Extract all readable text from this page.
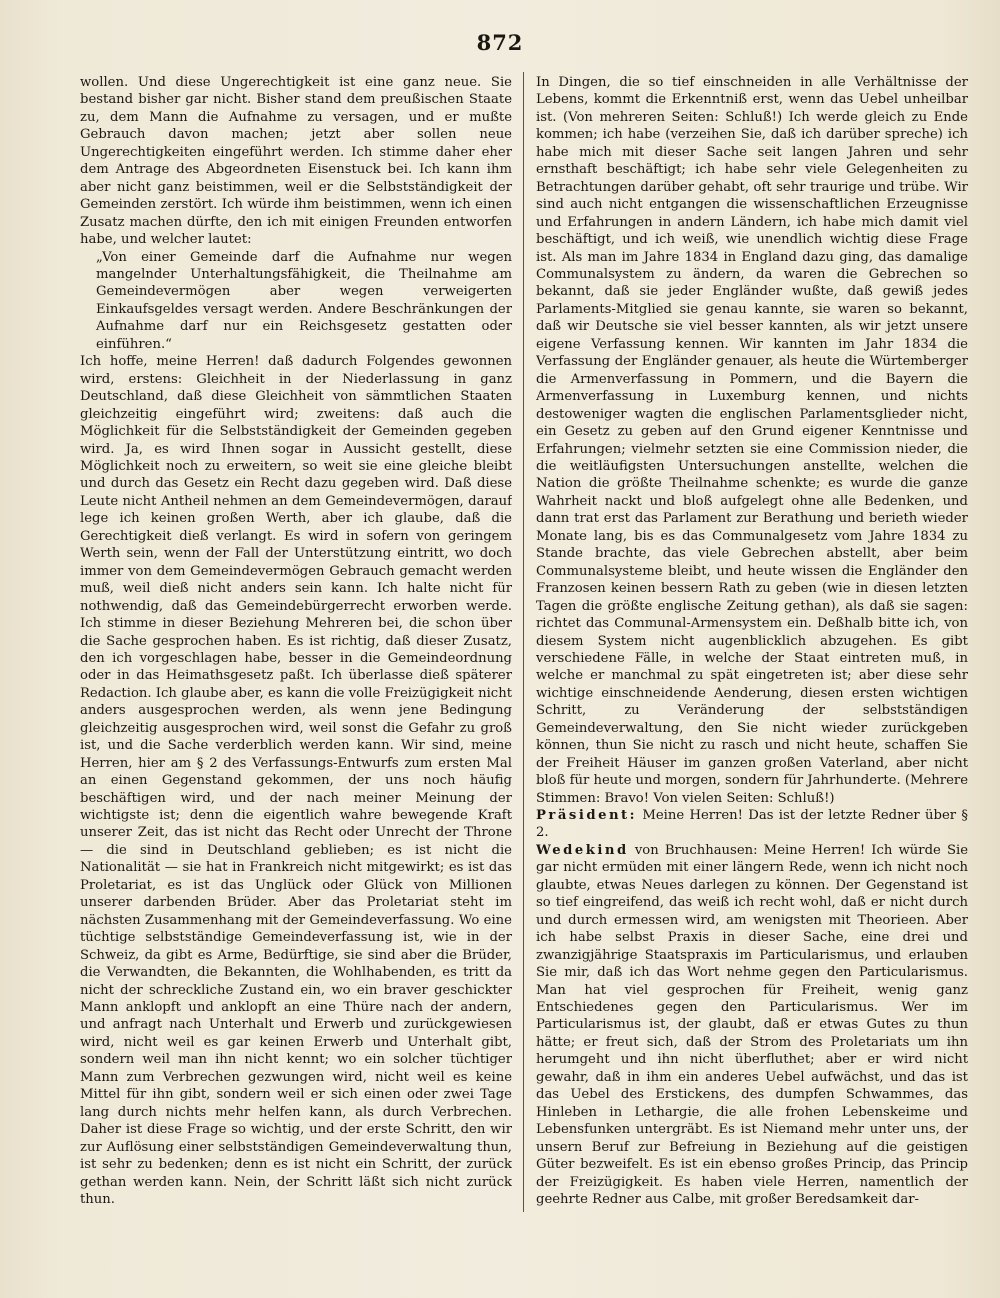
872

wollen. Und diese Ungerechtigkeit ist eine ganz neue. Sie bestand bisher gar nicht. Bisher stand dem preußischen Staate zu, dem Mann die Aufnahme zu versagen, und er mußte Gebrauch davon machen; jetzt aber sollen neue Ungerechtigkeiten eingeführt werden. Ich stimme daher eher dem Antrage des Abgeordneten Eisenstuck bei. Ich kann ihm aber nicht ganz beistimmen, weil er die Selbstständigkeit der Gemeinden zerstört. Ich würde ihm beistimmen, wenn ich einen Zusatz machen dürfte, den ich mit einigen Freunden entworfen habe, und welcher lautet:

„Von einer Gemeinde darf die Aufnahme nur wegen mangelnder Unterhaltungsfähigkeit, die Theilnahme am Gemeindevermögen aber wegen verweigerten Einkaufsgeldes versagt werden. Andere Beschränkungen der Aufnahme darf nur ein Reichsgesetz gestatten oder einführen.“

Ich hoffe, meine Herren! daß dadurch Folgendes gewonnen wird, erstens: Gleichheit in der Niederlassung in ganz Deutschland, daß diese Gleichheit von sämmtlichen Staaten gleichzeitig eingeführt wird; zweitens: daß auch die Möglichkeit für die Selbstständigkeit der Gemeinden gegeben wird. Ja, es wird Ihnen sogar in Aussicht gestellt, diese Möglichkeit noch zu erweitern, so weit sie eine gleiche bleibt und durch das Gesetz ein Recht dazu gegeben wird. Daß diese Leute nicht Antheil nehmen an dem Gemeindevermögen, darauf lege ich keinen großen Werth, aber ich glaube, daß die Gerechtigkeit dieß verlangt. Es wird in sofern von geringem Werth sein, wenn der Fall der Unterstützung eintritt, wo doch immer von dem Gemeindevermögen Gebrauch gemacht werden muß, weil dieß nicht anders sein kann. Ich halte nicht für nothwendig, daß das Gemeindebürgerrecht erworben werde. Ich stimme in dieser Beziehung Mehreren bei, die schon über die Sache gesprochen haben. Es ist richtig, daß dieser Zusatz, den ich vorgeschlagen habe, besser in die Gemeindeordnung oder in das Heimathsgesetz paßt. Ich überlasse dieß späterer Redaction. Ich glaube aber, es kann die volle Freizügigkeit nicht anders ausgesprochen werden, als wenn jene Bedingung gleichzeitig ausgesprochen wird, weil sonst die Gefahr zu groß ist, und die Sache verderblich werden kann. Wir sind, meine Herren, hier am § 2 des Verfassungs-Entwurfs zum ersten Mal an einen Gegenstand gekommen, der uns noch häufig beschäftigen wird, und der nach meiner Meinung der wichtigste ist; denn die eigentlich wahre bewegende Kraft unserer Zeit, das ist nicht das Recht oder Unrecht der Throne — die sind in Deutschland geblieben; es ist nicht die Nationalität — sie hat in Frankreich nicht mitgewirkt; es ist das Proletariat, es ist das Unglück oder Glück von Millionen unserer darbenden Brüder. Aber das Proletariat steht im nächsten Zusammenhang mit der Gemeindeverfassung. Wo eine tüchtige selbstständige Gemeindeverfassung ist, wie in der Schweiz, da gibt es Arme, Bedürftige, sie sind aber die Brüder, die Verwandten, die Bekannten, die Wohlhabenden, es tritt da nicht der schreckliche Zustand ein, wo ein braver geschickter Mann anklopft und anklopft an eine Thüre nach der andern, und anfragt nach Unterhalt und Erwerb und zurückgewiesen wird, nicht weil es gar keinen Erwerb und Unterhalt gibt, sondern weil man ihn nicht kennt; wo ein solcher tüchtiger Mann zum Verbrechen gezwungen wird, nicht weil es keine Mittel für ihn gibt, sondern weil er sich einen oder zwei Tage lang durch nichts mehr helfen kann, als durch Verbrechen. Daher ist diese Frage so wichtig, und der erste Schritt, den wir zur Auflösung einer selbstständigen Gemeindeverwaltung thun, ist sehr zu bedenken; denn es ist nicht ein Schritt, der zurück gethan werden kann. Nein, der Schritt läßt sich nicht zurück thun.

In Dingen, die so tief einschneiden in alle Verhältnisse der Lebens, kommt die Erkenntniß erst, wenn das Uebel unheilbar ist. (Von mehreren Seiten: Schluß!) Ich werde gleich zu Ende kommen; ich habe (verzeihen Sie, daß ich darüber spreche) ich habe mich mit dieser Sache seit langen Jahren und sehr ernsthaft beschäftigt; ich habe sehr viele Gelegenheiten zu Betrachtungen darüber gehabt, oft sehr traurige und trübe. Wir sind auch nicht entgangen die wissenschaftlichen Erzeugnisse und Erfahrungen in andern Ländern, ich habe mich damit viel beschäftigt, und ich weiß, wie unendlich wichtig diese Frage ist. Als man im Jahre 1834 in England dazu ging, das damalige Communalsystem zu ändern, da waren die Gebrechen so bekannt, daß sie jeder Engländer wußte, daß gewiß jedes Parlaments-Mitglied sie genau kannte, sie waren so bekannt, daß wir Deutsche sie viel besser kannten, als wir jetzt unsere eigene Verfassung kennen. Wir kannten im Jahr 1834 die Verfassung der Engländer genauer, als heute die Würtemberger die Armenverfassung in Pommern, und die Bayern die Armenverfassung in Luxemburg kennen, und nichts destoweniger wagten die englischen Parlamentsglieder nicht, ein Gesetz zu geben auf den Grund eigener Kenntnisse und Erfahrungen; vielmehr setzten sie eine Commission nieder, die die weitläufigsten Untersuchungen anstellte, welchen die Nation die größte Theilnahme schenkte; es wurde die ganze Wahrheit nackt und bloß aufgelegt ohne alle Bedenken, und dann trat erst das Parlament zur Berathung und berieth wieder Monate lang, bis es das Communalgesetz vom Jahre 1834 zu Stande brachte, das viele Gebrechen abstellt, aber beim Communalsysteme bleibt, und heute wissen die Engländer den Franzosen keinen bessern Rath zu geben (wie in diesen letzten Tagen die größte englische Zeitung gethan), als daß sie sagen: richtet das Communal-Armensystem ein. Deßhalb bitte ich, von diesem System nicht augenblicklich abzugehen. Es gibt verschiedene Fälle, in welche der Staat eintreten muß, in welche er manchmal zu spät eingetreten ist; aber diese sehr wichtige einschneidende Aenderung, diesen ersten wichtigen Schritt, zu Veränderung der selbstständigen Gemeindeverwaltung, den Sie nicht wieder zurückgeben können, thun Sie nicht zu rasch und nicht heute, schaffen Sie der Freiheit Häuser im ganzen großen Vaterland, aber nicht bloß für heute und morgen, sondern für Jahrhunderte. (Mehrere Stimmen: Bravo! Von vielen Seiten: Schluß!)

Präsident: Meine Herren! Das ist der letzte Redner über § 2.

Wedekind von Bruchhausen: Meine Herren! Ich würde Sie gar nicht ermüden mit einer längern Rede, wenn ich nicht noch glaubte, etwas Neues darlegen zu können. Der Gegenstand ist so tief eingreifend, das weiß ich recht wohl, daß er nicht durch und durch ermessen wird, am wenigsten mit Theorieen. Aber ich habe selbst Praxis in dieser Sache, eine drei und zwanzigjährige Staatspraxis im Particularismus, und erlauben Sie mir, daß ich das Wort nehme gegen den Particularismus. Man hat viel gesprochen für Freiheit, wenig ganz Entschiedenes gegen den Particularismus. Wer im Particularismus ist, der glaubt, daß er etwas Gutes zu thun hätte; er freut sich, daß der Strom des Proletariats um ihn herumgeht und ihn nicht überfluthet; aber er wird nicht gewahr, daß in ihm ein anderes Uebel aufwächst, und das ist das Uebel des Erstickens, des dumpfen Schwammes, das Hinleben in Lethargie, die alle frohen Lebenskeime und Lebensfunken untergräbt. Es ist Niemand mehr unter uns, der unsern Beruf zur Befreiung in Beziehung auf die geistigen Güter bezweifelt. Es ist ein ebenso großes Princip, das Princip der Freizügigkeit. Es haben viele Herren, namentlich der geehrte Redner aus Calbe, mit großer Beredsamkeit dar-
